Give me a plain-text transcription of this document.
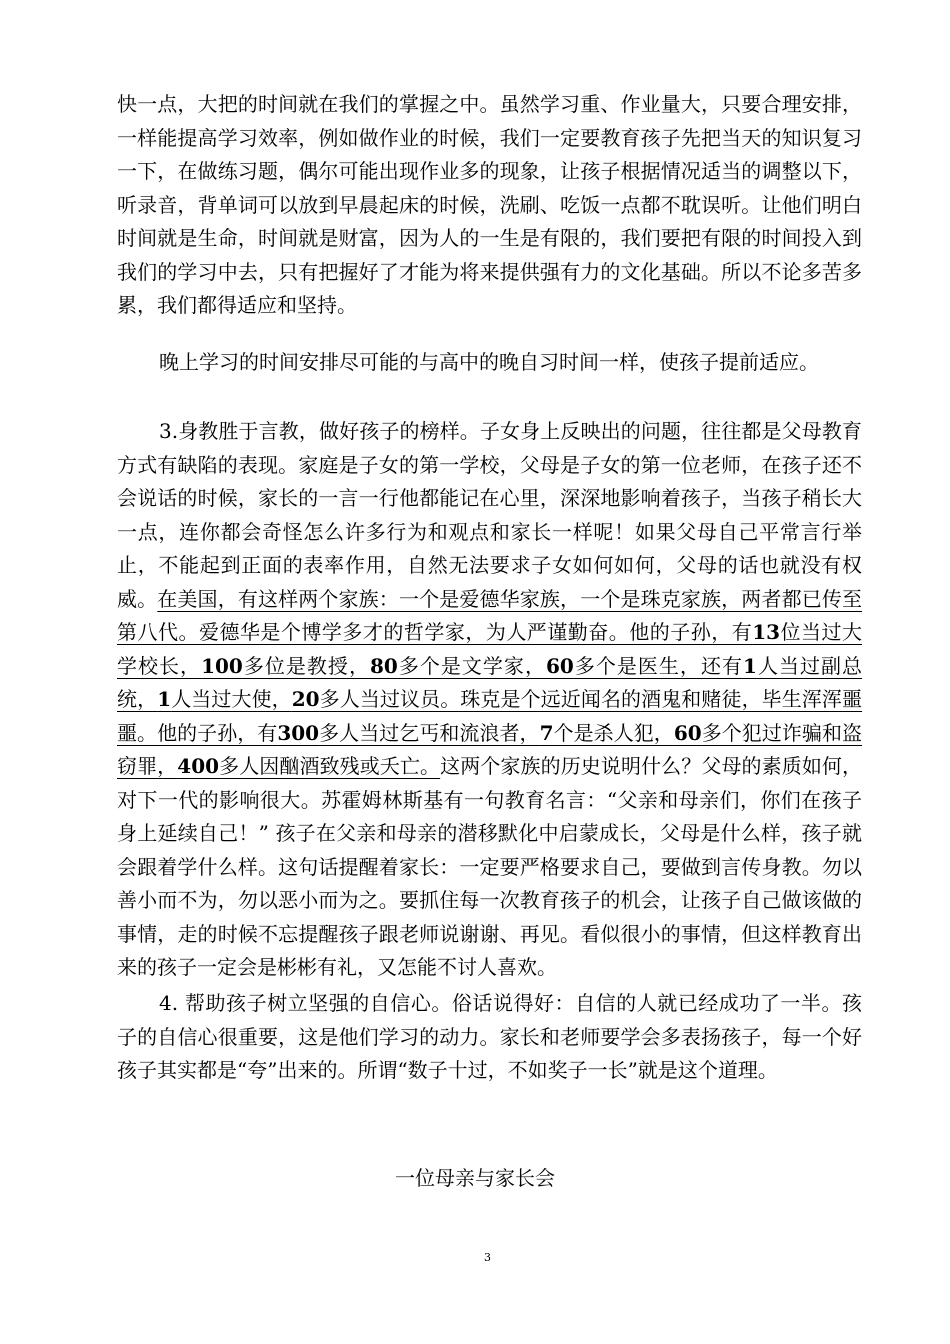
快一点，大把的时间就在我们的掌握之中。虽然学习重、作业量大，只要合理安排，一样能提高学习效率，例如做作业的时候，我们一定要教育孩子先把当天的知识复习一下，在做练习题，偶尔可能出现作业多的现象，让孩子根据情况适当的调整以下，听录音，背单词可以放到早晨起床的时候，洗刷、吃饭一点都不耽误听。让他们明白时间就是生命，时间就是财富，因为人的一生是有限的，我们要把有限的时间投入到我们的学习中去，只有把握好了才能为将来提供强有力的文化基础。所以不论多苦多累，我们都得适应和坚持。

晚上学习的时间安排尽可能的与高中的晚自习时间一样，使孩子提前适应。

3.身教胜于言教，做好孩子的榜样。子女身上反映出的问题，往往都是父母教育方式有缺陷的表现。家庭是子女的第一学校，父母是子女的第一位老师，在孩子还不会说话的时候，家长的一言一行他都能记在心里，深深地影响着孩子，当孩子稍长大一点，连你都会奇怪怎么许多行为和观点和家长一样呢！如果父母自己平常言行举止，不能起到正面的表率作用，自然无法要求子女如何如何，父母的话也就没有权威。在美国，有这样两个家族：一个是爱德华家族，一个是珠克家族，两者都已传至第八代。爱德华是个博学多才的哲学家，为人严谨勤奋。他的子孙，有13位当过大学校长，100多位是教授，80多个是文学家，60多个是医生，还有1人当过副总统，1人当过大使，20多人当过议员。珠克是个远近闻名的酒鬼和赌徒，毕生浑浑噩噩。他的子孙，有300多人当过乞丐和流浪者，7个是杀人犯，60多个犯过诈骗和盗窃罪，400多人因酗酒致残或夭亡。这两个家族的历史说明什么？父母的素质如何，对下一代的影响很大。苏霍姆林斯基有一句教育名言：“父亲和母亲们，你们在孩子身上延续自己！” 孩子在父亲和母亲的潜移默化中启蒙成长，父母是什么样，孩子就会跟着学什么样。这句话提醒着家长：一定要严格要求自己，要做到言传身教。勿以善小而不为，勿以恶小而为之。要抓住每一次教育孩子的机会，让孩子自己做该做的事情，走的时候不忘提醒孩子跟老师说谢谢、再见。看似很小的事情，但这样教育出来的孩子一定会是彬彬有礼，又怎能不讨人喜欢。

4. 帮助孩子树立坚强的自信心。俗话说得好：自信的人就已经成功了一半。孩子的自信心很重要，这是他们学习的动力。家长和老师要学会多表扬孩子，每一个好孩子其实都是“夸”出来的。所谓“数子十过，不如奖子一长”就是这个道理。

一位母亲与家长会

3
